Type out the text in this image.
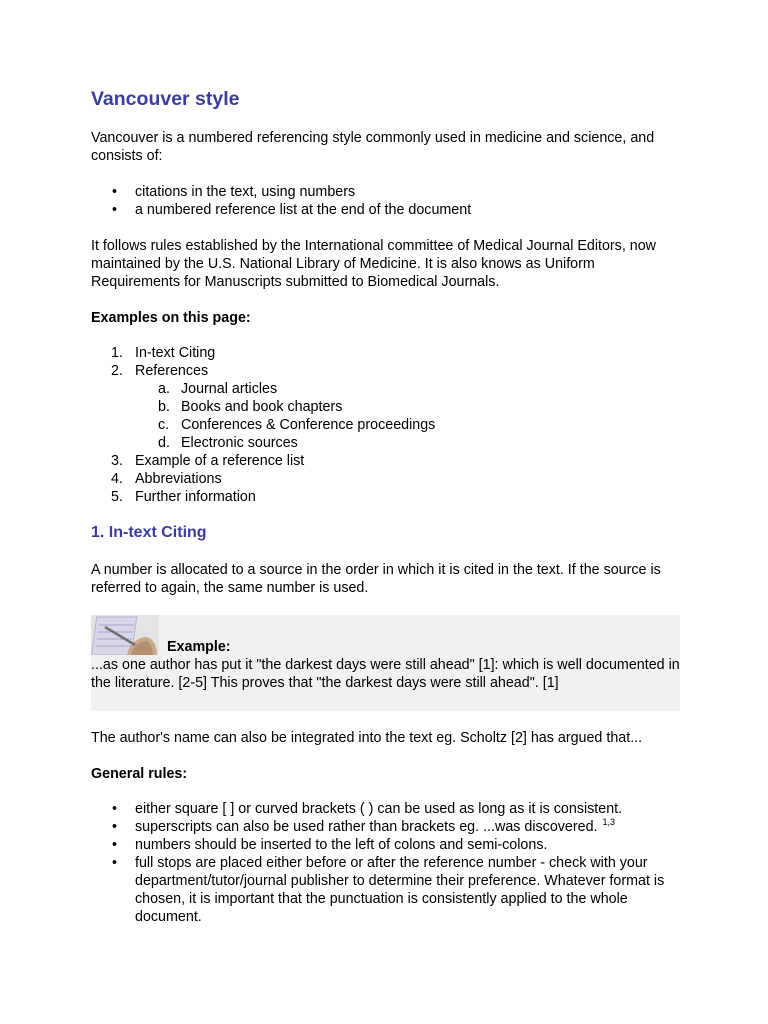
Vancouver style

Vancouver is a numbered referencing style commonly used in medicine and science, and consists of:

• citations in the text, using numbers
• a numbered reference list at the end of the document

It follows rules established by the International committee of Medical Journal Editors, now maintained by the U.S. National Library of Medicine. It is also knows as Uniform Requirements for Manuscripts submitted to Biomedical Journals.

Examples on this page:

1. In-text Citing
2. References
a. Journal articles
b. Books and book chapters
c. Conferences & Conference proceedings
d. Electronic sources
3. Example of a reference list
4. Abbreviations
5. Further information
1. In-text Citing

A number is allocated to a source in the order in which it is cited in the text. If the source is referred to again, the same number is used.

Example:

...as one author has put it "the darkest days were still ahead" [1]: which is well documented in the literature. [2-5] This proves that "the darkest days were still ahead". [1]

The author's name can also be integrated into the text eg. Scholtz [2] has argued that...

General rules:

• either square [ ] or curved brackets ( ) can be used as long as it is consistent.
• superscripts can also be used rather than brackets eg. ...was discovered. $^{1,3}$
• numbers should be inserted to the left of colons and semi-colons.
• full stops are placed either before or after the reference number - check with your department/tutor/journal publisher to determine their preference. Whatever format is chosen, it is important that the punctuation is consistently applied to the whole document.
